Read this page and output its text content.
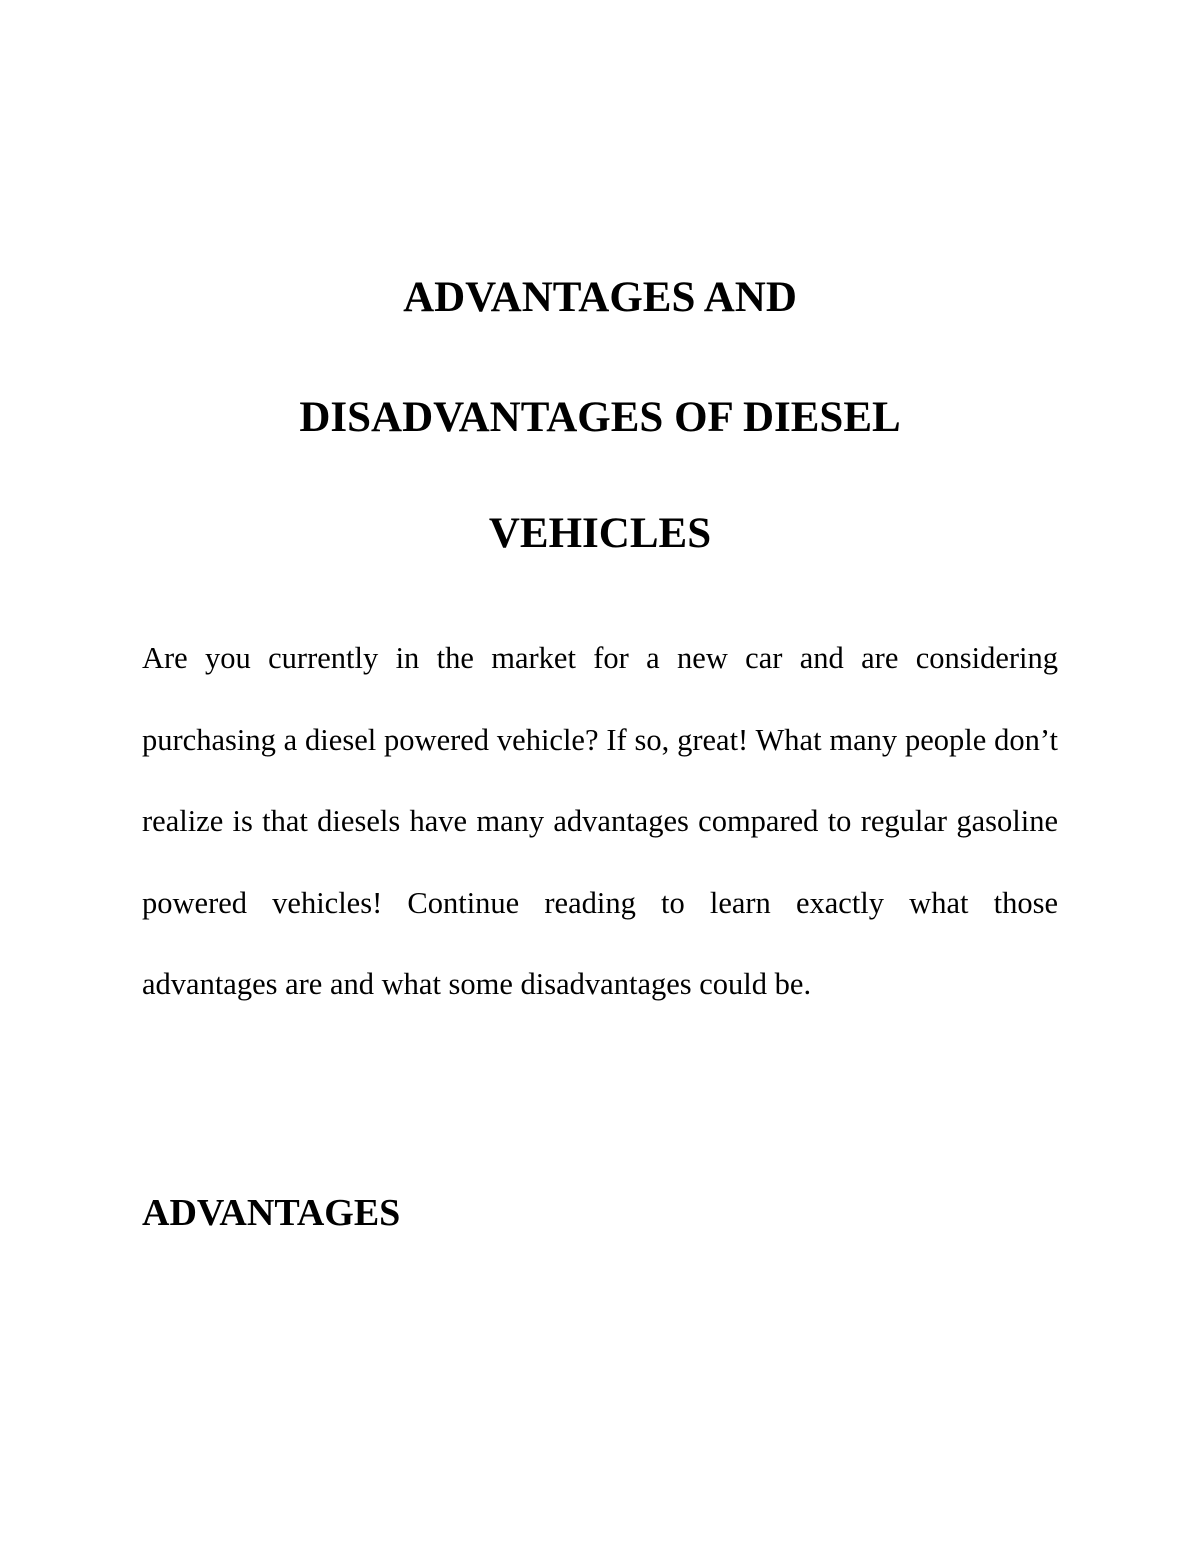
ADVANTAGES AND
DISADVANTAGES OF DIESEL
VEHICLES

Are you currently in the market for a new car and are considering purchasing a diesel powered vehicle? If so, great! What many people don’t realize is that diesels have many advantages compared to regular gasoline powered vehicles! Continue reading to learn exactly what those advantages are and what some disadvantages could be.

ADVANTAGES
